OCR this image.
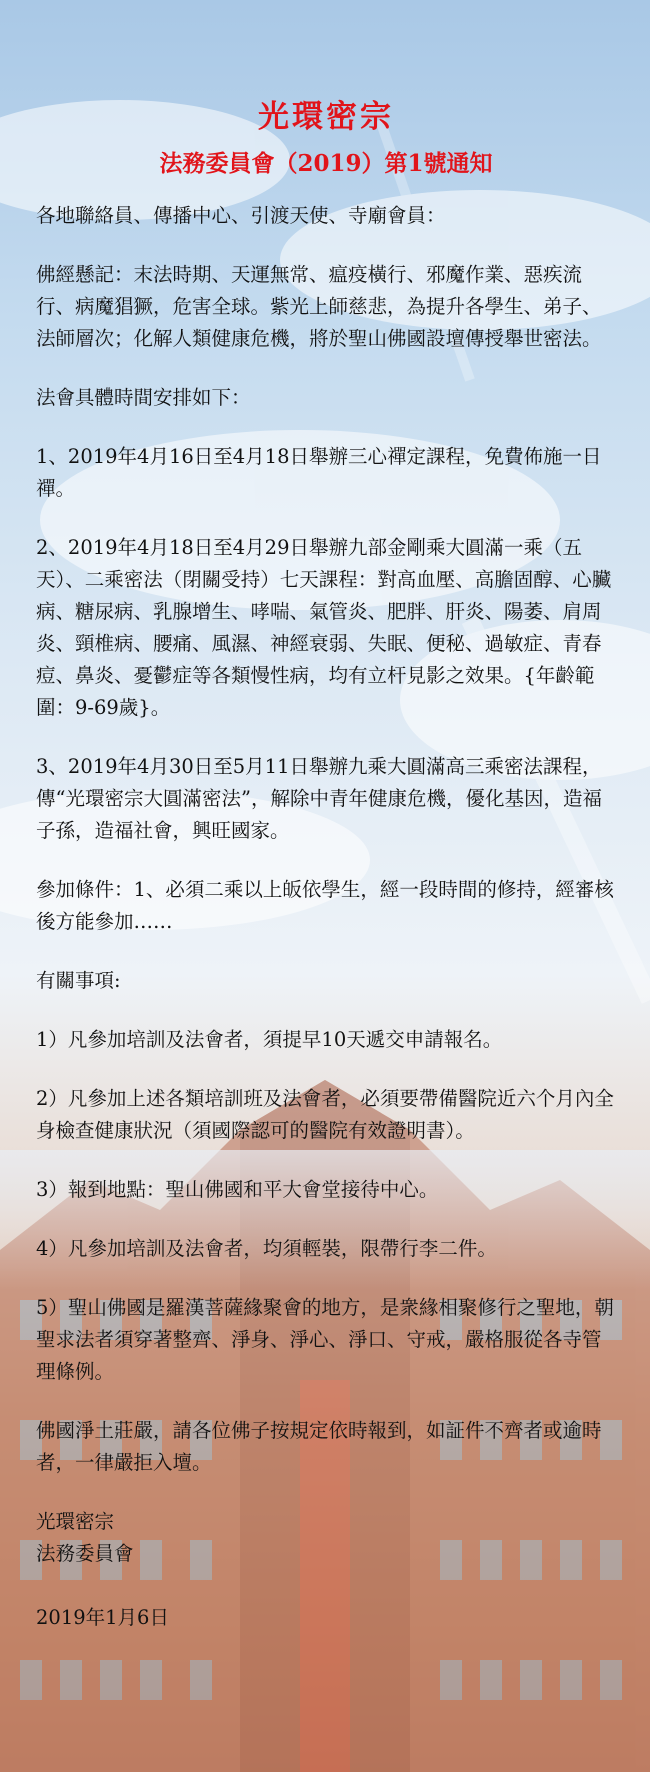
光環密宗
法務委員會（2019）第1號通知

各地聯絡員、傳播中心、引渡天使、寺廟會員：

佛經懸記：末法時期、天運無常、瘟疫橫行、邪魔作業、惡疾流行、病魔猖獗，危害全球。紫光上師慈悲，為提升各學生、弟子、法師層次；化解人類健康危機，將於聖山佛國設壇傳授舉世密法。

法會具體時間安排如下：

1、2019年4月16日至4月18日舉辦三心禪定課程，免費佈施一日禪。

2、2019年4月18日至4月29日舉辦九部金剛乘大圓滿一乘（五天）、二乘密法（閉關受持）七天課程：對高血壓、高膽固醇、心臟病、糖尿病、乳腺增生、哮喘、氣管炎、肥胖、肝炎、陽萎、肩周炎、頸椎病、腰痛、風濕、神經衰弱、失眠、便秘、過敏症、青春痘、鼻炎、憂鬱症等各類慢性病，均有立杆見影之效果。{年齡範圍：9-69歲}。

3、2019年4月30日至5月11日舉辦九乘大圓滿高三乘密法課程，傳“光環密宗大圓滿密法”，解除中青年健康危機，優化基因，造福子孫，造福社會，興旺國家。

參加條件：1、必須二乘以上皈依學生，經一段時間的修持，經審核後方能參加……

有關事項:

1）凡參加培訓及法會者，須提早10天遞交申請報名。

2）凡參加上述各類培訓班及法會者，必須要帶備醫院近六个月內全身檢查健康狀況（須國際認可的醫院有效證明書）。

3）報到地點：聖山佛國和平大會堂接待中心。

4）凡參加培訓及法會者，均須輕裝，限帶行李二件。

5）聖山佛國是羅漢菩薩緣聚會的地方，是衆緣相聚修行之聖地，朝聖求法者須穿著整齊、淨身、淨心、淨口、守戒，嚴格服從各寺管理條例。

佛國淨土莊嚴，請各位佛子按規定依時報到，如証件不齊者或逾時者，一律嚴拒入壇。

光環密宗

法務委員會

2019年1月6日
